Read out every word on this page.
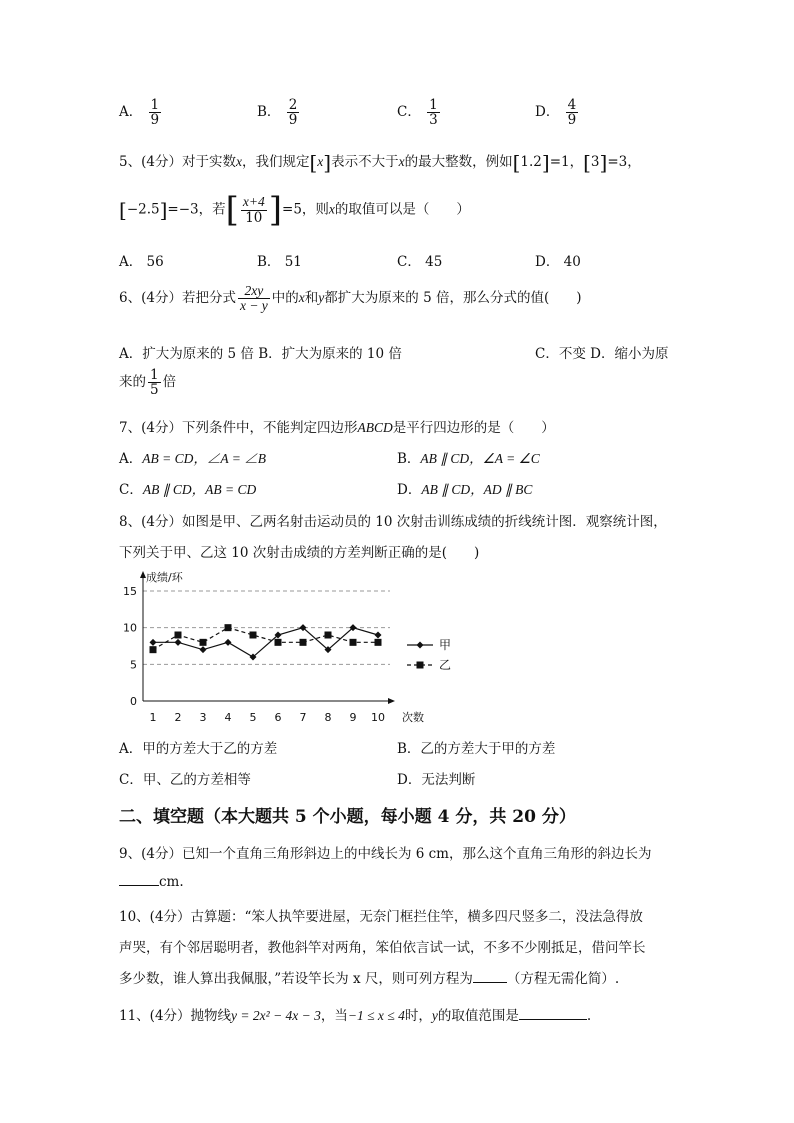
A． $\frac{1}{9}$	B． $\frac{2}{9}$	C． $\frac{1}{3}$	D． $\frac{4}{9}$
5、(4分）对于实数x，我们规定[x]表示不大于x的最大整数，例如[1.2]=1，[3]=3，
[−2.5]=−3，若[ $\frac{x+4}{10} ]=5$，则x的取值可以是（　　）
A． 56	B． 51	C． 45	D． 40
6、(4分）若把分式 $\frac{2xy}{x - y}$ 中的x和y都扩大为原来的 5 倍，那么分式的值(　　)
A．扩大为原来的 5 倍 B．扩大为原来的 10 倍	C．不变 D．缩小为原
来的 $\frac{1}{5}$ 倍
7、(4分）下列条件中，不能判定四边形ABCD是平行四边形的是（　　）
A．AB = CD，∠A = ∠B	B．AB ∥ CD，∠A = ∠C
C．AB ∥ CD，AB = CD	D．AB ∥ CD，AD ∥ BC
8、(4分）如图是甲、乙两名射击运动员的 10 次射击训练成绩的折线统计图．观察统计图，
下列关于甲、乙这 10 次射击成绩的方差判断正确的是(　　)
成绩/环
次数
0
5
10
15
1 2 3 4 5 6 7 8 9 10
甲
乙
A．甲的方差大于乙的方差	B．乙的方差大于甲的方差
C．甲、乙的方差相等	D．无法判断
二、填空题（本大题共 5 个小题，每小题 4 分，共 20 分）
9、(4分）已知一个直角三角形斜边上的中线长为 6 cm，那么这个直角三角形的斜边长为
cm.
10、(4分）古算题：“笨人执竿要进屋，无奈门框拦住竿，横多四尺竖多二，没法急得放
声哭，有个邻居聪明者，教他斜竿对两角，笨伯依言试一试，不多不少刚抵足，借问竿长
多少数，谁人算出我佩服，”若设竿长为 x 尺，则可列方程为	（方程无需化简）.
11、(4分）抛物线y = 2x² − 4x − 3，当−1 ≤ x ≤ 4时，y的取值范围是	.
